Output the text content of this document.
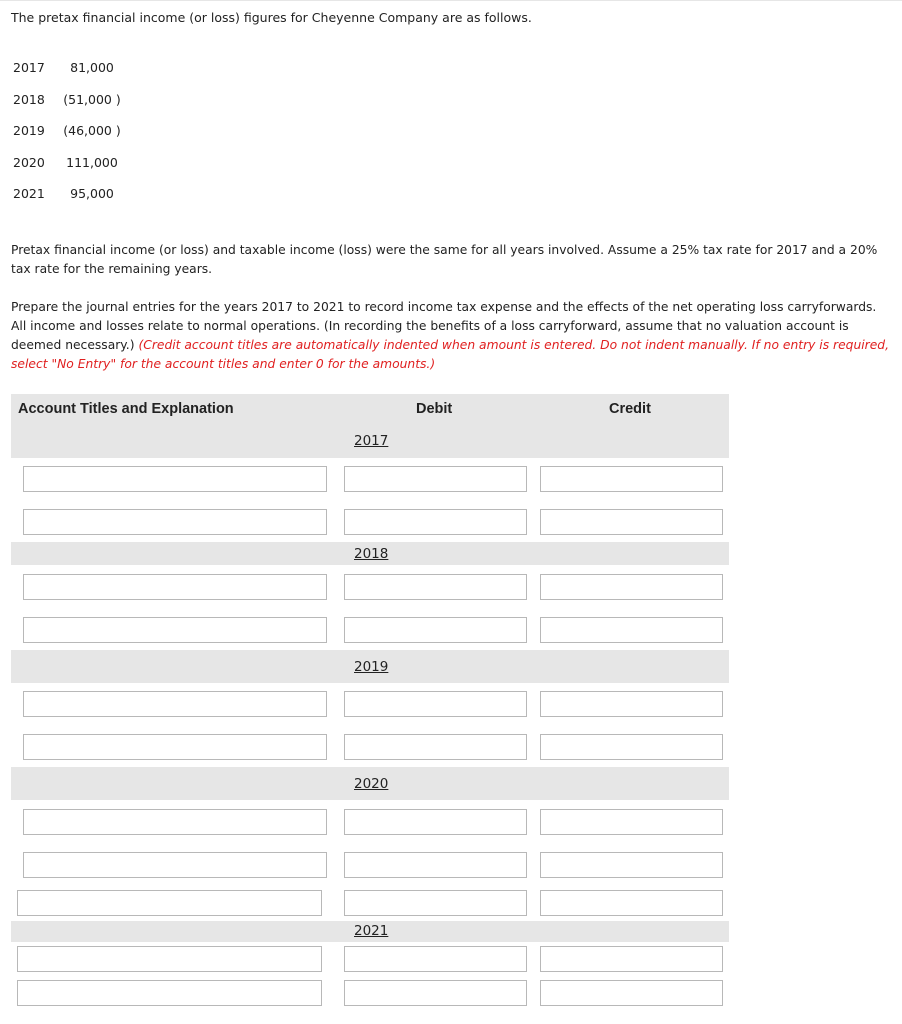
The pretax financial income (or loss) figures for Cheyenne Company are as follows.
2017	81,000
2018	(51,000 )
2019	(46,000 )
2020	111,000
2021	95,000
Pretax financial income (or loss) and taxable income (loss) were the same for all years involved. Assume a 25% tax rate for 2017 and a 20% tax rate for the remaining years.
Prepare the journal entries for the years 2017 to 2021 to record income tax expense and the effects of the net operating loss carryforwards. All income and losses relate to normal operations. (In recording the benefits of a loss carryforward, assume that no valuation account is deemed necessary.) (Credit account titles are automatically indented when amount is entered. Do not indent manually. If no entry is required, select "No Entry" for the account titles and enter 0 for the amounts.)
Account Titles and Explanation	Debit	Credit
2017
2018
2019
2020
2021
